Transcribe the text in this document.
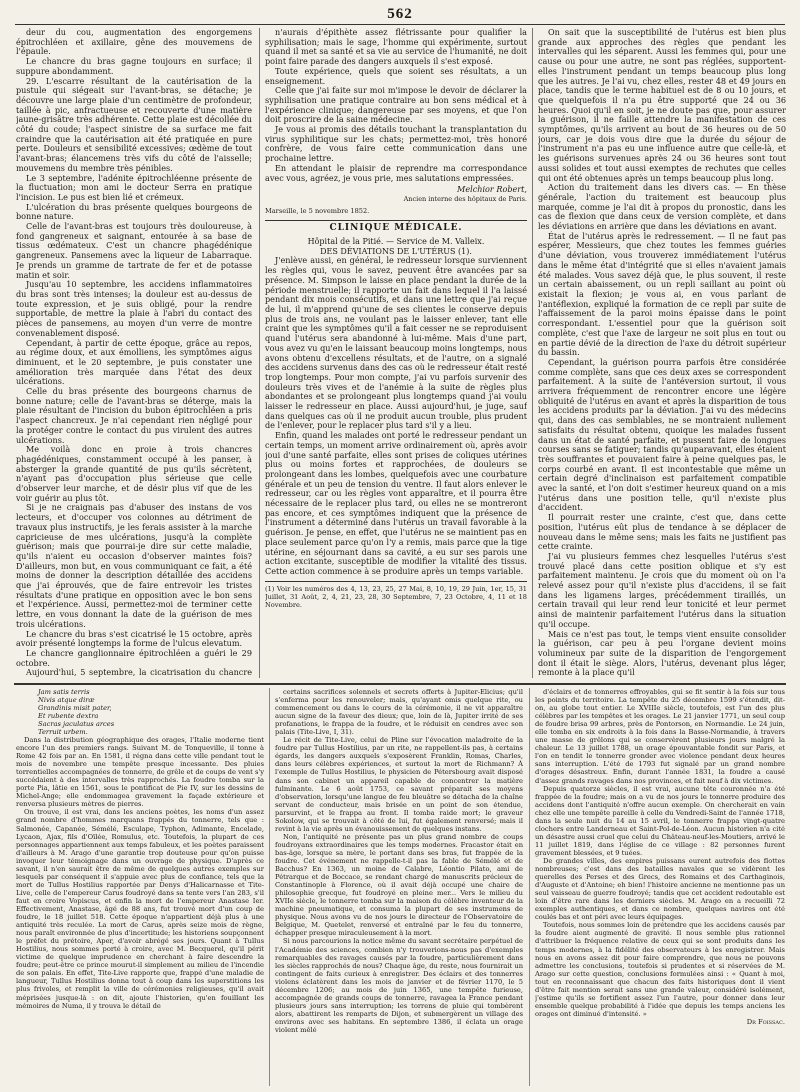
562

deur du cou, augmentation des engorgemens épitrochléen et axillaire, gêne des mouvemens de l'épaule.

Le chancre du bras gagne toujours en surface; il suppure abondamment.

29. L'escarre résultant de la cautérisation de la pustule qui siégeait sur l'avant-bras, se détache; je découvre une large plaie d'un centimètre de profondeur, taillée à pic, anfractueuse et recouverte d'une matière jaune-grisâtre très adhérente. Cette plaie est décollée du côté du coude; l'aspect sinistre de sa surface me fait craindre que la cautérisation ait été pratiquée en pure perte. Douleurs et sensibilité excessives; œdème de tout l'avant-bras; élancemens très vifs du côté de l'aisselle; mouvemens du membre très pénibles.

Le 3 septembre, l'adénite épitrochléenne présente de la fluctuation; mon ami le docteur Serra en pratique l'incision. Le pus est bien lié et crémeux.

L'ulcération du bras présente quelques bourgeons de bonne nature.

Celle de l'avant-bras est toujours très douloureuse, à fond gangreneux et saignant, entourée à sa base de tissus œdémateux. C'est un chancre phagédénique gangreneux. Pansemens avec la liqueur de Labarraque. Je prends un gramme de tartrate de fer et de potasse matin et soir.

Jusqu'au 10 septembre, les accidens inflammatoires du bras sont très intenses; la douleur est au-dessus de toute expression, et je suis obligé, pour la rendre supportable, de mettre la plaie à l'abri du contact des pièces de pansemens, au moyen d'un verre de montre convenablement disposé.

Cependant, à partir de cette époque, grâce au repos, au régime doux, et aux émolliens, les symptômes aigus diminuent, et le 20 septembre, je puis constater une amélioration très marquée dans l'état des deux ulcérations.

Celle du bras présente des bourgeons charnus de bonne nature; celle de l'avant-bras se déterge, mais la plaie résultant de l'incision du bubon épitrochléen a pris l'aspect chancreux. Je n'ai cependant rien négligé pour la protéger contre le contact du pus virulent des autres ulcérations.

Me voilà donc en proie à trois chancres phagédéniques, constamment occupé à les panser, à absterger la grande quantité de pus qu'ils sécrètent, n'ayant pas d'occupation plus sérieuse que celle d'observer leur marche, et de désir plus vif que de les voir guérir au plus tôt.

Si je ne craignais pas d'abuser des instans de vos lecteurs, et d'occuper vos colonnes au détriment de travaux plus instructifs, je les ferais assister à la marche capricieuse de mes ulcérations, jusqu'à la complète guérison; mais que pourrai-je dire sur cette maladie, qu'ils n'aient eu occasion d'observer maintes fois? D'ailleurs, mon but, en vous communiquant ce fait, a été moins de donner la description détaillée des accidens que j'ai éprouvés, que de faire entrevoir les tristes résultats d'une pratique en opposition avec le bon sens et l'expérience. Aussi, permettez-moi de terminer cette lettre, en vous donnant la date de la guérison de mes trois ulcérations.

Le chancre du bras s'est cicatrisé le 15 octobre, après avoir présenté longtemps la forme de l'ulcus elevatum.

Le chancre ganglionnaire épitrochléen a guéri le 29 octobre.

Aujourd'hui, 5 septembre, la cicatrisation du chancre

n'aurais d'épithète assez flétrissante pour qualifier la syphilisation; mais le sage, l'homme qui expérimente, surtout quand il met sa santé et sa vie au service de l'humanité, ne doit point faire parade des dangers auxquels il s'est exposé.

Toute expérience, quels que soient ses résultats, a un enseignement.

Celle que j'ai faite sur moi m'impose le devoir de déclarer la syphilisation une pratique contraire au bon sens médical et à l'expérience clinique; dangereuse par ses moyens, et que l'on doit proscrire de la saine médecine.

Je vous ai promis des détails touchant la transplantation du virus syphilitique sur les chats; permettez-moi, très honoré confrère, de vous faire cette communication dans une prochaine lettre.

En attendant le plaisir de reprendre ma correspondance avec vous, agréez, je vous prie, mes salutations empressées.

Melchior Robert,
Ancien interne des hôpitaux de Paris.
Marseille, le 5 novembre 1852.
CLINIQUE MÉDICALE.

Hôpital de la Pitié. — Service de M. Valleix.

DES DÉVIATIONS DE L'UTÉRUS (1).

J'enlève aussi, en général, le redresseur lorsque surviennent les règles qui, vous le savez, peuvent être avancées par sa présence. M. Simpson le laisse en place pendant la durée de la période menstruelle; il rapporte un fait dans lequel il l'a laissé pendant dix mois consécutifs, et dans une lettre que j'ai reçue de lui, il m'apprend qu'une de ses clientes le conserve depuis plus de trois ans, ne voulant pas le laisser enlever, tant elle craint que les symptômes qu'il a fait cesser ne se reproduisent quand l'utérus sera abandonné à lui-même. Mais d'une part, vous avez vu qu'en le laissant beaucoup moins longtemps, nous avons obtenu d'excellens résultats, et de l'autre, on a signalé des accidens survenus dans des cas où le redresseur était resté trop longtemps. Pour mon compte, j'ai vu parfois survenir des douleurs très vives et de l'anémie à la suite de règles plus abondantes et se prolongeant plus longtemps quand j'ai voulu laisser le redresseur en place. Aussi aujourd'hui, je juge, sauf dans quelques cas où il ne produit aucun trouble, plus prudent de l'enlever, pour le replacer plus tard s'il y a lieu.

Enfin, quand les malades ont porté le redresseur pendant un certain temps, un moment arrive ordinairement où, après avoir joui d'une santé parfaite, elles sont prises de coliques utérines plus ou moins fortes et rapprochées, de douleurs se prolongeant dans les lombes, quelquefois avec une courbature générale et un peu de tension du ventre. Il faut alors enlever le redresseur, car ou les règles vont apparaître, et il pourra être nécessaire de le replacer plus tard, ou elles ne se montreront pas encore, et ces symptômes indiquent que la présence de l'instrument a déterminé dans l'utérus un travail favorable à la guérison. Je pense, en effet, que l'utérus ne se maintient pas en place seulement parce qu'on l'y a remis, mais parce que la tige utérine, en séjournant dans sa cavité, a eu sur ses parois une action excitante, susceptible de modifier la vitalité des tissus. Cette action commence à se produire après un temps variable.

(1) Voir les numéros des 4, 13, 23, 25, 27 Mai, 8, 10, 19, 29 Juin, 1er, 15, 31 Juillet, 31 Août, 2, 4, 21, 23, 28, 30 Septembre, 7, 23 Octobre, 4, 11 et 18 Novembre.

On sait que la susceptibilité de l'utérus est bien plus grande aux approches des règles que pendant les intervalles qui les séparent. Aussi les femmes qui, pour une cause ou pour une autre, ne sont pas réglées, supportent-elles l'instrument pendant un temps beaucoup plus long que les autres. Je l'ai vu, chez elles, rester 48 et 49 jours en place, tandis que le terme habituel est de 8 ou 10 jours, et que quelquefois il n'a pu être supporté que 24 ou 36 heures. Quoi qu'il en soit, je ne doute pas que, pour assurer la guérison, il ne faille attendre la manifestation de ces symptômes, qu'ils arrivent au bout de 36 heures ou de 50 jours, car je dois vous dire que la durée du séjour de l'instrument n'a pas eu une influence autre que celle-là, et les guérisons survenues après 24 ou 36 heures sont tout aussi solides et tout aussi exemptes de rechutes que celles qui ont été obtenues après un temps beaucoup plus long.

Action du traitement dans les divers cas. — En thèse générale, l'action du traitement est beaucoup plus marquée, comme je l'ai dit à propos du pronostic, dans les cas de flexion que dans ceux de version complète, et dans les déviations en arrière que dans les déviations en avant.

État de l'utérus après le redressement. — Il ne faut pas espérer, Messieurs, que chez toutes les femmes guéries d'une déviation, vous trouverez immédiatement l'utérus dans le même état d'intégrité que si elles n'avaient jamais été malades. Vous savez déjà que, le plus souvent, il reste un certain abaissement, ou un repli saillant au point où existait la flexion; je vous ai, en vous parlant de l'antéflexion, expliqué la formation de ce repli par suite de l'affaissement de la paroi moins épaisse dans le point correspondant. L'essentiel pour que la guérison soit complète, c'est que l'axe de largeur ne soit plus en tout ou en partie dévié de la direction de l'axe du détroit supérieur du bassin.

Cependant, la guérison pourra parfois être considérée comme complète, sans que ces deux axes se correspondent parfaitement. À la suite de l'antéversion surtout, il vous arrivera fréquemment de rencontrer encore une légère obliquité de l'utérus en avant et après la disparition de tous les accidens produits par la déviation. J'ai vu des médecins qui, dans des cas semblables, ne se montraient nullement satisfaits du résultat obtenu, quoique les malades fussent dans un état de santé parfaite, et pussent faire de longues courses sans se fatiguer; tandis qu'auparavant, elles étaient très souffrantes et pouvaient faire à peine quelques pas, le corps courbé en avant. Il est incontestable que même un certain degré d'inclinaison est parfaitement compatible avec la santé, et l'on doit s'estimer heureux quand on a mis l'utérus dans une position telle, qu'il n'existe plus d'accident.

Il pourrait rester une crainte, c'est que, dans cette position, l'utérus eût plus de tendance à se déplacer de nouveau dans le même sens; mais les faits ne justifient pas cette crainte.

J'ai vu plusieurs femmes chez lesquelles l'utérus s'est trouvé placé dans cette position oblique et s'y est parfaitement maintenu. Je crois que du moment où on l'a relevé assez pour qu'il n'existe plus d'accidens, il se fait dans les ligamens larges, précédemment tiraillés, un certain travail qui leur rend leur tonicité et leur permet ainsi de maintenir parfaitement l'utérus dans la situation qu'il occupe.

Mais ce n'est pas tout, le temps vient ensuite consolider la guérison, car peu à peu l'organe devient moins volumineux par suite de la disparition de l'engorgement dont il était le siège. Alors, l'utérus, devenant plus léger, remonte à la place qu'il

Jam satis terris

Nivis atque diræ

Grandinis misit pater,

Et rubente dextra

Sacras jaculatus arces

Terruit urbem.

Dans la distribution géographique des orages, l'Italie moderne tient encore l'un des premiers rangs. Suivant M. de Tonqueville, il tonne à Rome 42 fois par an. En 1581, il régna dans cette ville pendant tout le mois de novembre une tempête presque incessante. Des pluies torrentielles accompagnées de tonnerre, de grêle et de coups de vent s'y succédaient à des intervalles très rapprochés. La foudre tomba sur la porte Pia, lâtie en 1561, sous le pontificat de Pie IV, sur les dessins de Michel-Ange; elle endommagea gravement la façade extérieure et renversa plusieurs mètres de pierres.

On trouve, il est vrai, dans les anciens poètes, les noms d'un assez grand nombre d'hommes marquans frappés du tonnerre, tels que : Salmonée, Capanée, Sémélé, Esculape, Typhon, Adimante, Encelade, Lycaon, Ajax, fils d'Oïlée, Romulus, etc. Toutefois, la plupart de ces personnages appartiennent aux temps fabuleux, et les poètes paraissent d'ailleurs à M. Arago d'une garantie trop douteuse pour qu'on puisse invoquer leur témoignage dans un ouvrage de physique. D'après ce savant, il n'en saurait être de même de quelques autres exemples sur lesquels par conséquent il s'appuie avec plus de confiance, tels que la mort de Tullus Hostilius rapportée par Denys d'Halicarnasse et Tite-Live, celle de l'empereur Carus foudroyé dans sa tente vers l'an 283, s'il faut en croire Vopiscus, et enfin la mort de l'empereur Anastase Ier. Effectivement, Anastase, âgé de 88 ans, fut trouvé mort d'un coup de foudre, le 18 juillet 518. Cette époque n'appartient déjà plus à une antiquité très reculée. La mort de Carus, après seize mois de règne, nous paraît environnée de plus d'incertitude; les historiens soupçonnent le préfet du prétoire, Aper, d'avoir abrégé ses jours. Quant à Tullus Hostilius, nous sommes porté à croire, avec M. Becquerel, qu'il périt victime de quelque imprudence en cherchant à faire descendre la foudre; peut-être ce prince mourut-il simplement au milieu de l'incendie de son palais. En effet, Tite-Live rapporte que, frappé d'une maladie de langueur, Tullus Hostilius donna tout à coup dans les superstitions les plus frivoles, et remplit la ville de cérémonies religieuses, qu'il avait méprisées jusque-là : on dit, ajoute l'historien, qu'en fouillant les mémoires de Numa, il y trouva le détail de

certains sacrifices solennels et secrets offerts à Jupiter-Elicius; qu'il s'enferma pour les renouveler; mais, qu'ayant omis quelque rite, ou commencement ou dans le cours de la cérémonie, il ne vit apparaître aucun signe de la faveur des dieux; que, loin de là, Jupiter irrité de ses profanations, le frappa de la foudre, et le réduisit en cendres avec son palais (Tite-Live, I, 31).

Le récit de Tite-Live, celui de Pline sur l'évocation maladroite de la foudre par Tullus Hostilius, par un rite, ne rappellent-ils pas, à certains égards, les dangers auxquels s'exposèrent Franklin, Romas, Charles, dans leurs célèbres expériences, et surtout la mort de Richmann? À l'exemple de Tullus Hostilius, le physicien de Pétersbourg avait disposé dans son cabinet un appareil capable de concentrer la matière fulminante. Le 6 août 1753, ce savant préparait ses moyens d'observation, lorsqu'une langue de feu bleuâtre se détacha de la chaîne servant de conducteur, mais brisée en un point de son étendue, parsurvint, et le frappa au front. Il tomba raide mort; le graveur Sokolow, qui se trouvait à côté de lui, fut également renversé; mais il revint à la vie après un évanouissement de quelques instans.

Non, l'antiquité ne présente pas un plus grand nombre de coups foudroyans extraordinaires que les temps modernes. Fracastor était en bas-âge, lorsque sa mère, le portant dans ses bras, fut frappée de la foudre. Cet événement ne rappelle-t-il pas la fable de Sémélé et de Bacchus? En 1363, un moine de Calabre, Léontio Pilato, ami de Pétrarque et de Boccace, se rendant chargé de manuscrits précieux de Constantinople à Florence, où il avait déjà occupé une chaire de philosophie grecque, fut foudroyé en pleine mer... Vers le milieu du XVIIe siècle, le tonnerre tomba sur la maison du célèbre inventeur de la machine pneumatique, et consuma la plupart de ses instrumens de physique. Nous avons vu de nos jours le directeur de l'Observatoire de Belgique, M. Quetelet, renversé et entraîné par le feu du tonnerre, échapper presque miraculeusement à la mort.

Si nous parcourions la notice même du savant secrétaire perpétuel de l'Académie des sciences, combien n'y trouverions-nous pas d'exemples remarquables des ravages causés par la foudre, particulièrement dans les siècles rapprochés de nous? Chaque âge, du reste, nous fournirait un contingent de faits curieux à enregistrer. Des éclairs et des tonnerres violens éclatèrent dans les mois de janvier et de février 1170, le 5 décembre 1206; au mois de juin 1365, une tempête furieuse, accompagnée de grands coups de tonnerre, ravagea la France pendant plusieurs jours sans interruption; les torrens de pluie qui tombèrent alors, abattirent les remparts de Dijon, et submergèrent un village des environs avec ses habitans. En septembre 1386, il éclata un orage violent mêlé

d'éclairs et de tonnerres effroyables, qui se fit sentir à la fois sur tous les points du territoire. La tempête du 25 décembre 1599 s'étendit, dit-on, au globe tout entier. Le XVIIIe siècle, toutefois, est l'un des plus célèbres par les tempêtes et les orages. Le 21 janvier 1771, un seul coup de foudre brisa 99 arbres, près de Pontorson, en Normandie. Le 24 juin, elle tomba en six endroits à la fois dans la Basse-Normandie, à travers une masse de grêlons qui se conservèrent plusieurs jours malgré la chaleur. Le 13 juillet 1788, un orage épouvantable fondit sur Paris, et l'on en tendit le tonnerre gronder avec violence pendant deux heures sans interruption. L'été de 1793 fut signalé par un grand nombre d'orages désastreux. Enfin, durant l'année 1831, la foudre a causé d'assez grands ravages dans nos provinces, et fait neuf à dix victimes.

Depuis quatorze siècles, il est vrai, aucune tête couronnée n'a été frappée de la foudre; mais on a vu de nos jours le tonnerre produire des accidens dont l'antiquité n'offre aucun exemple. On chercherait en vain chez elle une tempête pareille à celle du Vendredi-Saint de l'année 1718, dans la seule nuit du 14 au 15 avril, le tonnerre frappa vingt-quatre clochers entre Landerneau et Saint-Pol-de-Léon. Aucun historien n'a cité un désastre aussi cruel que celui du Château-neuf-les-Moutiers, arrivé le 11 juillet 1819, dans l'église de ce village : 82 personnes furent gravement blessées, et 9 tuées.

De grandes villes, des empires puissans eurent autrefois des flottes nombreuses; c'est dans des batailles navales que se vidèrent les querelles des Perses et des Grecs, des Romains et des Carthaginois, d'Auguste et d'Antoine; eh bien! l'histoire ancienne ne mentionne pas un seul vaisseau de guerre foudroyé; tandis que cet accident redoutable est loin d'être rare dans les derniers siècles. M. Arago en a recueilli 72 exemples authentiques, et dans ce nombre, quelques navires ont été coulés bas et ont péri avec leurs équipages.

Toutefois, nous sommes loin de prétendre que les accidens causés par la foudre aient augmenté de gravité. Il nous semble plus rationnel d'attribuer la fréquence relative de ceux qui se sont produits dans les temps modernes, à la fidélité des observateurs à les enregistrer. Mais nous en avons assez dit pour faire comprendre, que nous ne pouvons admettre les conclusions, toutefois si prudentes et si réservées de M. Arago sur cette question, conclusions formulées ainsi : « Quant à moi, tout en reconnaissant que chacun des faits historiques dont il vient d'être fait mention serait sans une grande valeur, considéré isolément, j'estime qu'ils se fortifient assez l'un l'autre, pour donner dans leur ensemble quelque probabilité à l'idée que depuis les temps anciens les orages ont diminué d'intensité. »

Dr Foissac.
